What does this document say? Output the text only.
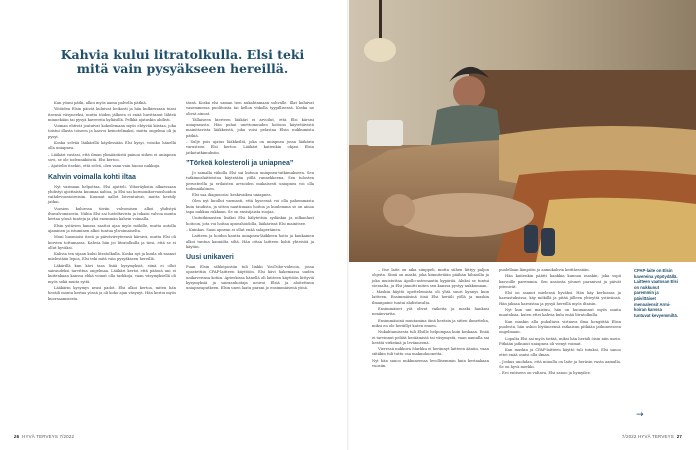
Kahvia kului litratolkulla. Elsi teki mitä vain pysyäkseen hereillä.

Kun yöuni pätki, alkoi myös aamu palvella pätkiä.

Yötöiden Elsin päivät kuluivat heikosti ja hän kulkiessaan tunsi itsensä väsyneeksi, mutta töiden jälkeen ei enää huvittanut lähteä minnekään tai pysyä kavereita kyläisillä. Pelkkä ajatuskin ahdisti.

Voiman ehtivät joutuivat kokeilemaan myös ehtyvää kiistaa, joka toistui illasta toiseen ja kasvoi keinotelmaksi, mutta ongelma oli ja pysyi.

Koska selvää lääkärillä käydessään Elsi kysyi, voisiko hänellä olla uniapnea.

– Lääkäri vastasi, että ilman ylimääräistä painoa siihen ei uniapnea sovi, se ole todennäköistä. Elsi kertoo.

– Ajattelin itsekin, että selvä, olen vaan vain huono nukkuja.

Kahvin voimalla kohti iltaa

Nyt varmaan helpottaa, Elsi ajatteli. Yöheräyksiin alkaessaan yhdistyi ajoittaista kuumaa aaltoa, ja Elsi sai hormonikorvaushoidon vaihdevuosioireisiin. Kuumat aallot loiventuivat, mutta heräily jatkui.

Vuosien kuluessa tiiviin valvomisen alkoi yhdistyä iltavalvomisesta. Nähin Elsi sai lueteltavista ja tokaisi valvoa monta kertaa yössä tunteja ja yhä enemmän kahvin voimalla.

Elsin ystävien kanssa saattoi ajaa myös mökille, mutta autolla ajaminen ja istuminen alkoi tuntua ylivoimaiselta.

Moni huomioisi itseä ja päivävireyteensä kärsivä, mutta Elsi oli korvien tottumassa. Kahvia hän joi litratolkulla ja tiesi, että se ei ollut hyväksi.

Kahvia ten sijaan kului litratolkulla. Koska nyt ja kuula oli saanut mielestään lepoa, Elsi teki mitä vain pysyäkseen hereillä.

Läkärillä kun kävi taas lisää kysymyksiä, siinä ei ollut sairaudeksi tarvittua ongelmaa. Lääkäri kertoi että päässä uni ei kuitenkaan kanssa ehkä voinut olla tarkkoja, vaan väsymyksellä oli myös sekä muita syitä.

Lääkärin kysymys avasi padot. Elsi alkoi kertoa, miten hän heräili monta kertaa yössä ja oli koko ajan väsynyt. Hän kertoi myös kuorsaamisesta.

tässä. Koska elsi saman tien nukahtamaan sohvalle. Illat kuluivat vasemmessa puolitoista tai kellon viikolla tyypillisessä. Koska ne olivat ainoat.

Tällaiseen kierteen lääkäri ei arvoilut, että Elsi kärsisi uniapneasta. Hän puhui unettomuuden hoitoon käytettävistä mainittavista lääkkeistä, joka voisi pelastaa Elsin nukkumista pätkiä.

– Sulje pois ajatus lääkkeiltä, joka on uniapnea jossa lääkärin varusteen Elsi kertoo. Lääkäri kuitenkin ohjasi Elsin jatkotutkimuksiin.

”Törkeä kolesteroli ja uniapnea”

Jo samalla viikolla Elsi sai kutsun uniapnea-tutkimukseen. Sen tutkimuslaitteistoa käytetään yöllä rannekkeena. Sen tulosten perusteella ja erilaisten arvioiden mukaisesti uniapnea voi olla todennäköinen.

Elsi saa diagnoosin: keskivaikea uniapnea.

Olen nyt kuullut varmasti, että kyseessä voi olla pahemmasta kuin taudista, ja sitten nauttimaan hoitoa ja kuulemma se on ainoa tapa nukkua rakkaan. Se on ensisijaista suojaa.

Unitutkimusten lisäksi Elsi hälytettiin sydänkin ja nilkanluut hoitoon, jota voi hoitaa apneahoidolla, lääkärissä Elsi mainitsee.

– Kuinkas. Saan apnean ei ollut enää salaperäinen.

Laitteen ja hoidon kautta uniapnea-lääkkeen hoito ja kaukainen alkoi tuntua kauniilta siltä. Hän ottaa laitteen kohti yhteisöä ja käytän.

Uusi unikaveri

Puan Elsin sähköpostiin tuli linkki YouTube-videoon, jossa opastettiin CPAP-laitteen käyttöön. Elsi kävi hakemassa uuden unikaverinsa kotiin. Apteekissa hänellä oli laitteen käyttöön liittyviä kysymyksiä ja sairaanhoitaja neuvoi Elsiä ja aloitettuun uniapneaputkeen. Elsin unen laatu parani jo ensimmäisenä yönä.

– Itse laite on aika simppeli, mutta siihen liittyy paljon ohjeita. Siinä on maski, joka kiinnitetään päähän hihnoilla ja joka muistuttaa Apollo-astronautin kypärää. Aluksi se tuntui vieraalta, ja Elsi jännitti miten sen kanssa pystyy nukkumaan.

– Maskin käyttö opettelemista oli yhtä suuri kynnys kuin laitteen. Ensimmäisinä öinä Elsi heräili yöllä ja maskin ilmanpaine tuntui ahdistavalta.

Ensimmäiset yöt olivat vaikeita ja maski hankasi nenänvartta.

Ensimmäisinä muutamina öinä heräsin ja sitten ihmettelin, miksi en ole heräillyt kuten ennen.

Nukahtamisesta tuli Elsille helpompaa kuin koskaan. Enää ei tarvinnut pelätä heräämistä tai väsymystä, vaan aamulla sai herätä virkeänä ja levänneenä.

Vieressä nukkuva Markku ei herännyt laitteen ääniin, vaan siitäkin tuli tuttu osa makuuhuonetta.

Nyt hän sanoo nukkuneensa levollisemmin kuin kertaakaan vuosiin.

puolellaan lämpöön jo aamukahvia keittäessään.

Hän kuitenkin päätti hankkia kunnon maskin, joka sopii kasvoille paremmin. Sen ansiosta yöunet paranivat ja päivät pitenivät.

Elsi on saanut mielensä hyväksi. Hän käy kerhoissa ja harrastuksissa, käy mökillä ja pitää jälleen yhteyttä ystäviinsä. Hän jaksaa harrastaa ja pysyä hereillä myös iltaisin.

Nyt kun uni maistuu, hän on huomannut myös muita muutoksia, kuten ettei kahvia kulu enää litratolkulla.

Kun maskin alla puhaltava virtaava ilma hengittää Elsin puolesta, hän uskoo löytäneensä ratkaisun pitkään jatkuneeseen ongelmaan.

Lopulta Elsi sai myös tietää, miksi hän heräili öisin niin usein. Pitkään jatkunut uniapnea oli vienyt voimat.

Kun maskin ja CPAP-laitteen käyttö tuli tutuksi, Elsi sanoo ettei enää osaisi olla ilman.

– Joskus unohdan, että minulla on laite ja heräsin vasta aamulla. Se on hyvä merkki.

– Ero entiseen on valtava, Elsi sanoo ja hymyilee.

CPAP-laite on Elsin kavereina yöpöydällä. Laitteen vaatosan Elsi on nukkunut paremmin ja päivittäiset menoalensit Armi-koiran kanssa tuntuvat kevyemmiltä.
→
26 HYVÄ TERVEYS 7/2022	7/2022 HYVÄ TERVEYS 27
